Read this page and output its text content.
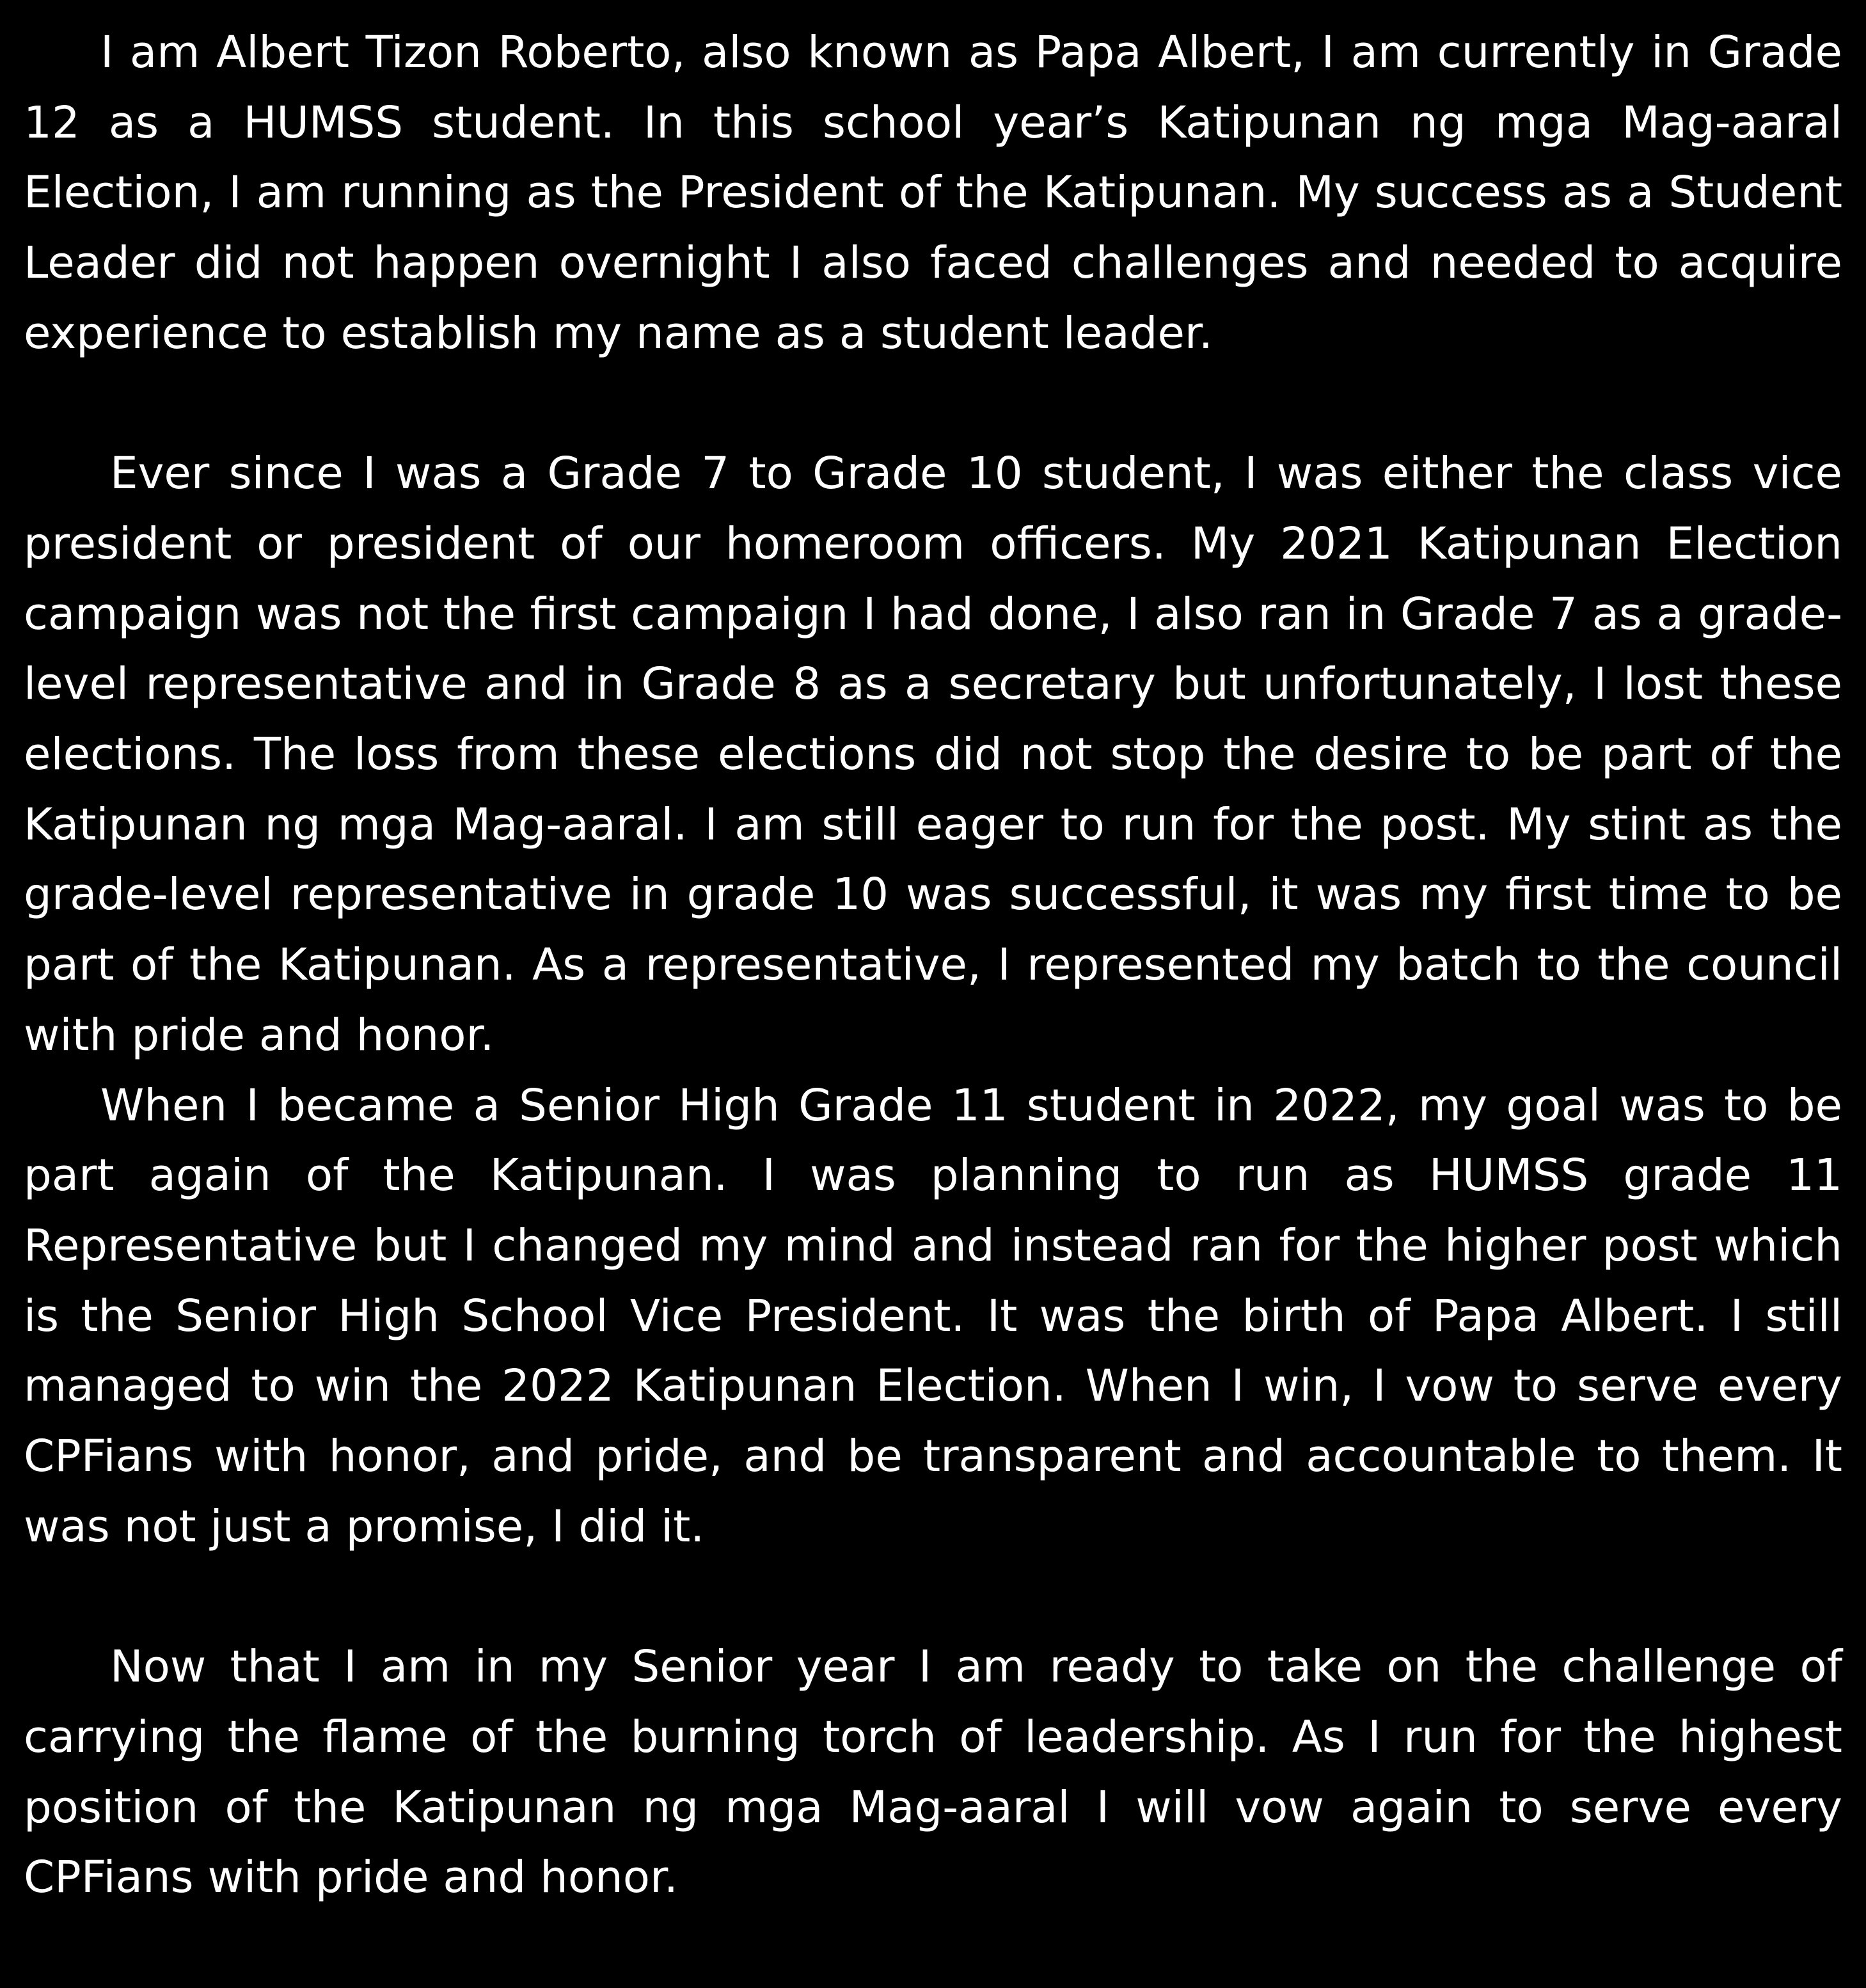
I am Albert Tizon Roberto, also known as Papa Albert, I am currently in Grade 12 as a HUMSS student. In this school year’s Katipunan ng mga Mag-aaral Election, I am running as the President of the Katipunan. My success as a Student Leader did not happen overnight I also faced challenges and needed to acquire experience to establish my name as a student leader.

Ever since I was a Grade 7 to Grade 10 student, I was either the class vice president or president of our homeroom officers. My 2021 Katipunan Election campaign was not the first campaign I had done, I also ran in Grade 7 as a grade-level representative and in Grade 8 as a secretary but unfortunately, I lost these elections. The loss from these elections did not stop the desire to be part of the Katipunan ng mga Mag-aaral. I am still eager to run for the post. My stint as the grade-level representative in grade 10 was successful, it was my first time to be part of the Katipunan. As a representative, I represented my batch to the council with pride and honor.

When I became a Senior High Grade 11 student in 2022, my goal was to be part again of the Katipunan. I was planning to run as HUMSS grade 11 Representative but I changed my mind and instead ran for the higher post which is the Senior High School Vice President. It was the birth of Papa Albert. I still managed to win the 2022 Katipunan Election. When I win, I vow to serve every CPFians with honor, and pride, and be transparent and accountable to them. It was not just a promise, I did it.

Now that I am in my Senior year I am ready to take on the challenge of carrying the flame of the burning torch of leadership. As I run for the highest position of the Katipunan ng mga Mag-aaral I will vow again to serve every CPFians with pride and honor.
